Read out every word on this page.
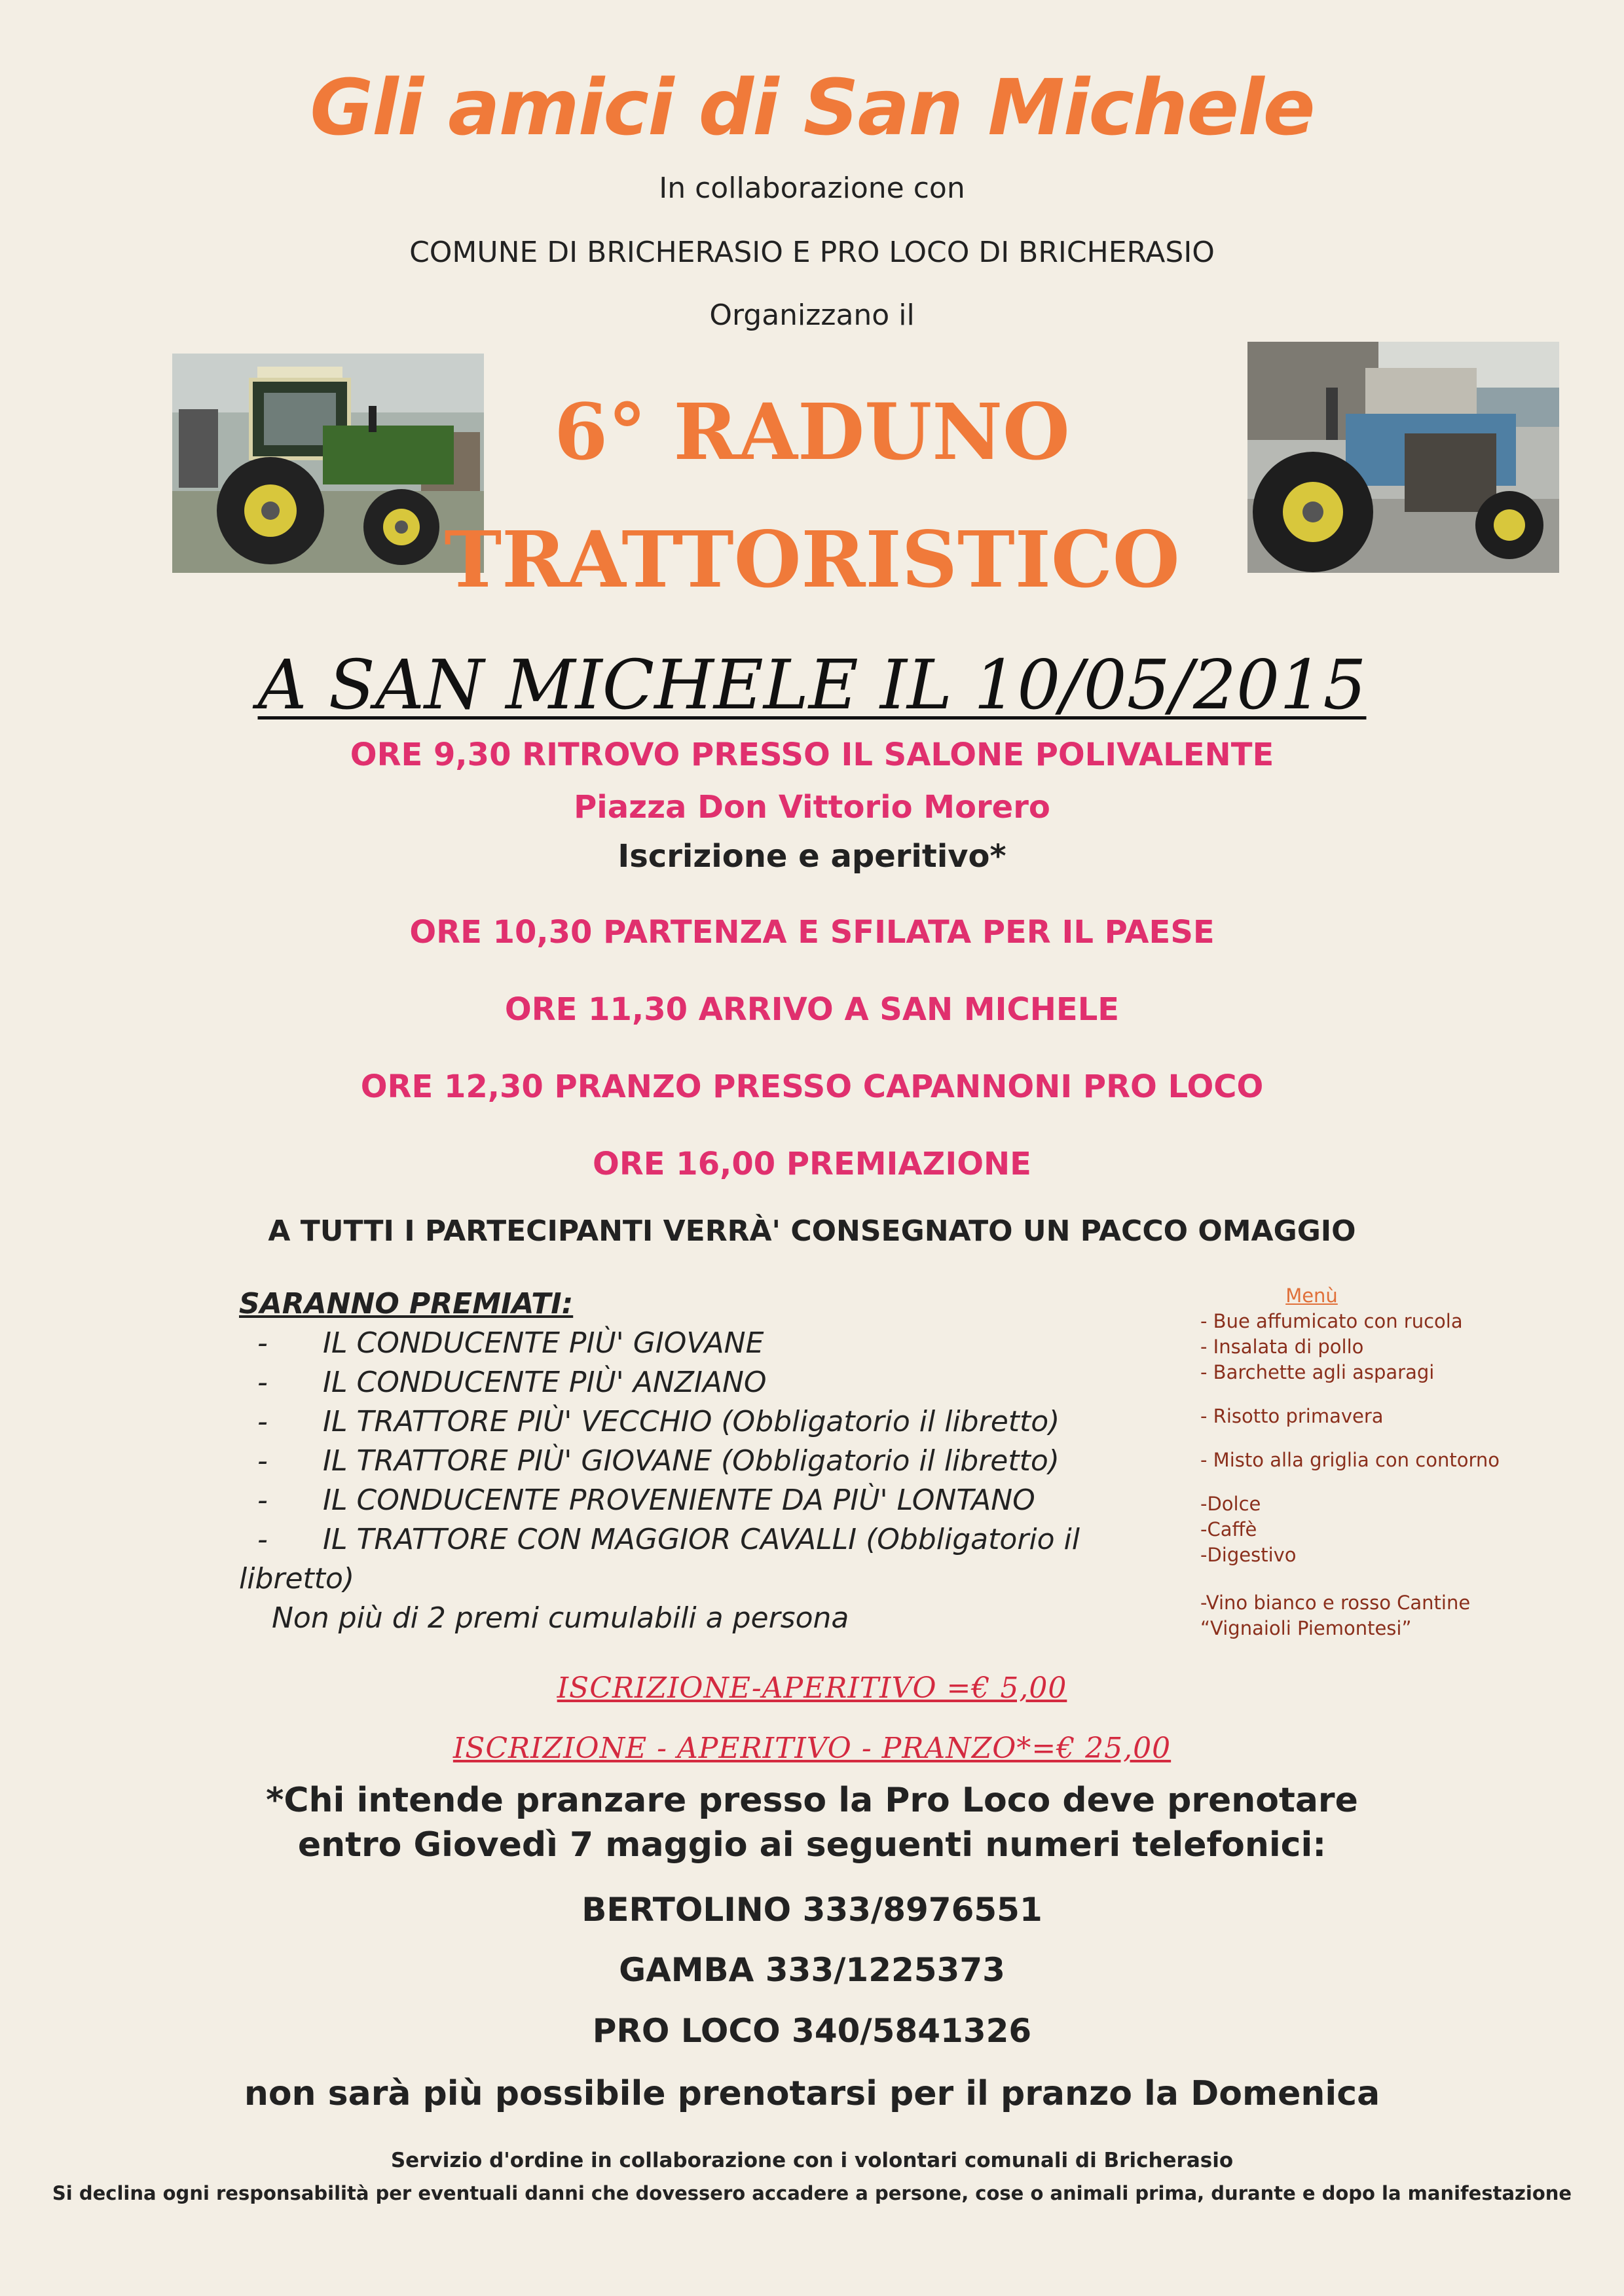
Gli amici di San Michele
In collaborazione con
COMUNE DI BRICHERASIO E PRO LOCO DI BRICHERASIO
Organizzano il
6° RADUNO
TRATTORISTICO
A SAN MICHELE IL 10/05/2015
ORE 9,30 RITROVO PRESSO IL SALONE POLIVALENTE
Piazza Don Vittorio Morero
Iscrizione e aperitivo*
ORE 10,30 PARTENZA E SFILATA PER IL PAESE
ORE 11,30 ARRIVO A SAN MICHELE
ORE 12,30 PRANZO PRESSO CAPANNONI PRO LOCO
ORE 16,00 PREMIAZIONE
A TUTTI I PARTECIPANTI VERRÀ' CONSEGNATO UN PACCO OMAGGIO
SARANNO PREMIATI:
- IL CONDUCENTE PIÙ' GIOVANE
- IL CONDUCENTE PIÙ' ANZIANO
- IL TRATTORE PIÙ' VECCHIO (Obbligatorio il libretto)
- IL TRATTORE PIÙ' GIOVANE (Obbligatorio il libretto)
- IL CONDUCENTE PROVENIENTE DA PIÙ' LONTANO
- IL TRATTORE CON MAGGIOR CAVALLI (Obbligatorio il
libretto)
Non più di 2 premi cumulabili a persona
Menù
- Bue affumicato con rucola
- Insalata di pollo
- Barchette agli asparagi
- Risotto primavera
- Misto alla griglia con contorno
-Dolce
-Caffè
-Digestivo
-Vino bianco e rosso Cantine “Vignaioli Piemontesi”
ISCRIZIONE-APERITIVO =€ 5,00
ISCRIZIONE - APERITIVO - PRANZO*=€ 25,00
*Chi intende pranzare presso la Pro Loco deve prenotare
entro Giovedì 7 maggio ai seguenti numeri telefonici:
BERTOLINO 333/8976551
GAMBA 333/1225373
PRO LOCO 340/5841326
non sarà più possibile prenotarsi per il pranzo la Domenica
Servizio d'ordine in collaborazione con i volontari comunali di Bricherasio
Si declina ogni responsabilità per eventuali danni che dovessero accadere a persone, cose o animali prima, durante e dopo la manifestazione
